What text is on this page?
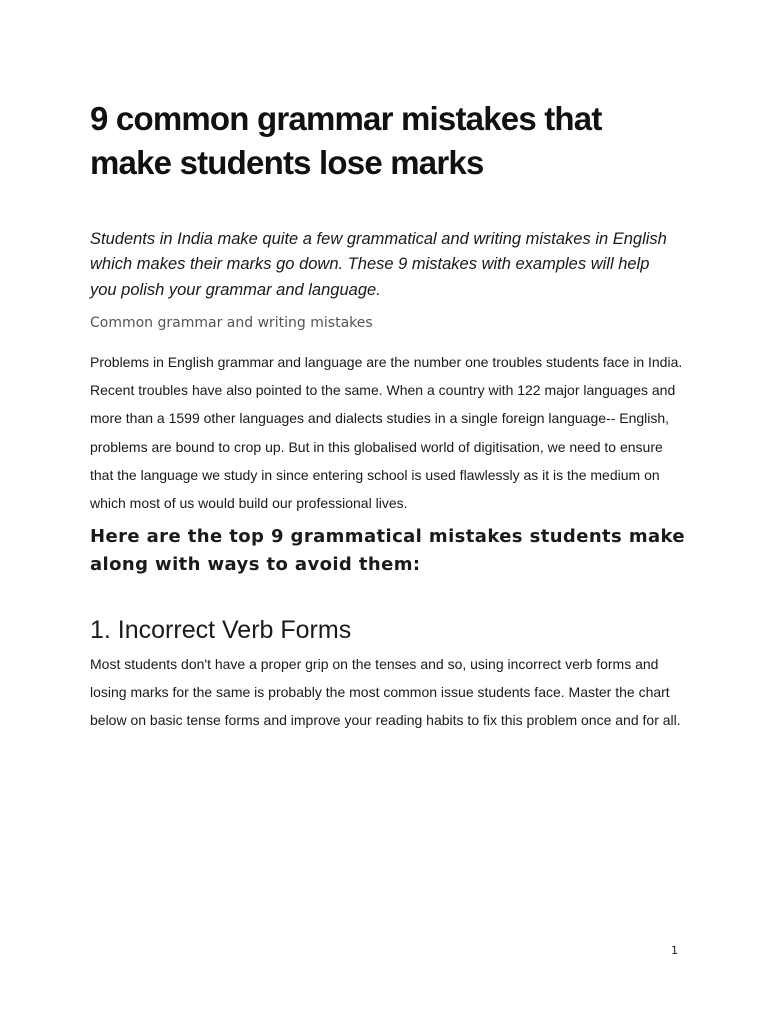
9 common grammar mistakes that make students lose marks

Students in India make quite a few grammatical and writing mistakes in English which makes their marks go down. These 9 mistakes with examples will help you polish your grammar and language.

Common grammar and writing mistakes

Problems in English grammar and language are the number one troubles students face in India. Recent troubles have also pointed to the same. When a country with 122 major languages and more than a 1599 other languages and dialects studies in a single foreign language-- English, problems are bound to crop up. But in this globalised world of digitisation, we need to ensure that the language we study in since entering school is used flawlessly as it is the medium on which most of us would build our professional lives.

Here are the top 9 grammatical mistakes students make along with ways to avoid them:
1. Incorrect Verb Forms

Most students don't have a proper grip on the tenses and so, using incorrect verb forms and losing marks for the same is probably the most common issue students face. Master the chart below on basic tense forms and improve your reading habits to fix this problem once and for all.

1
